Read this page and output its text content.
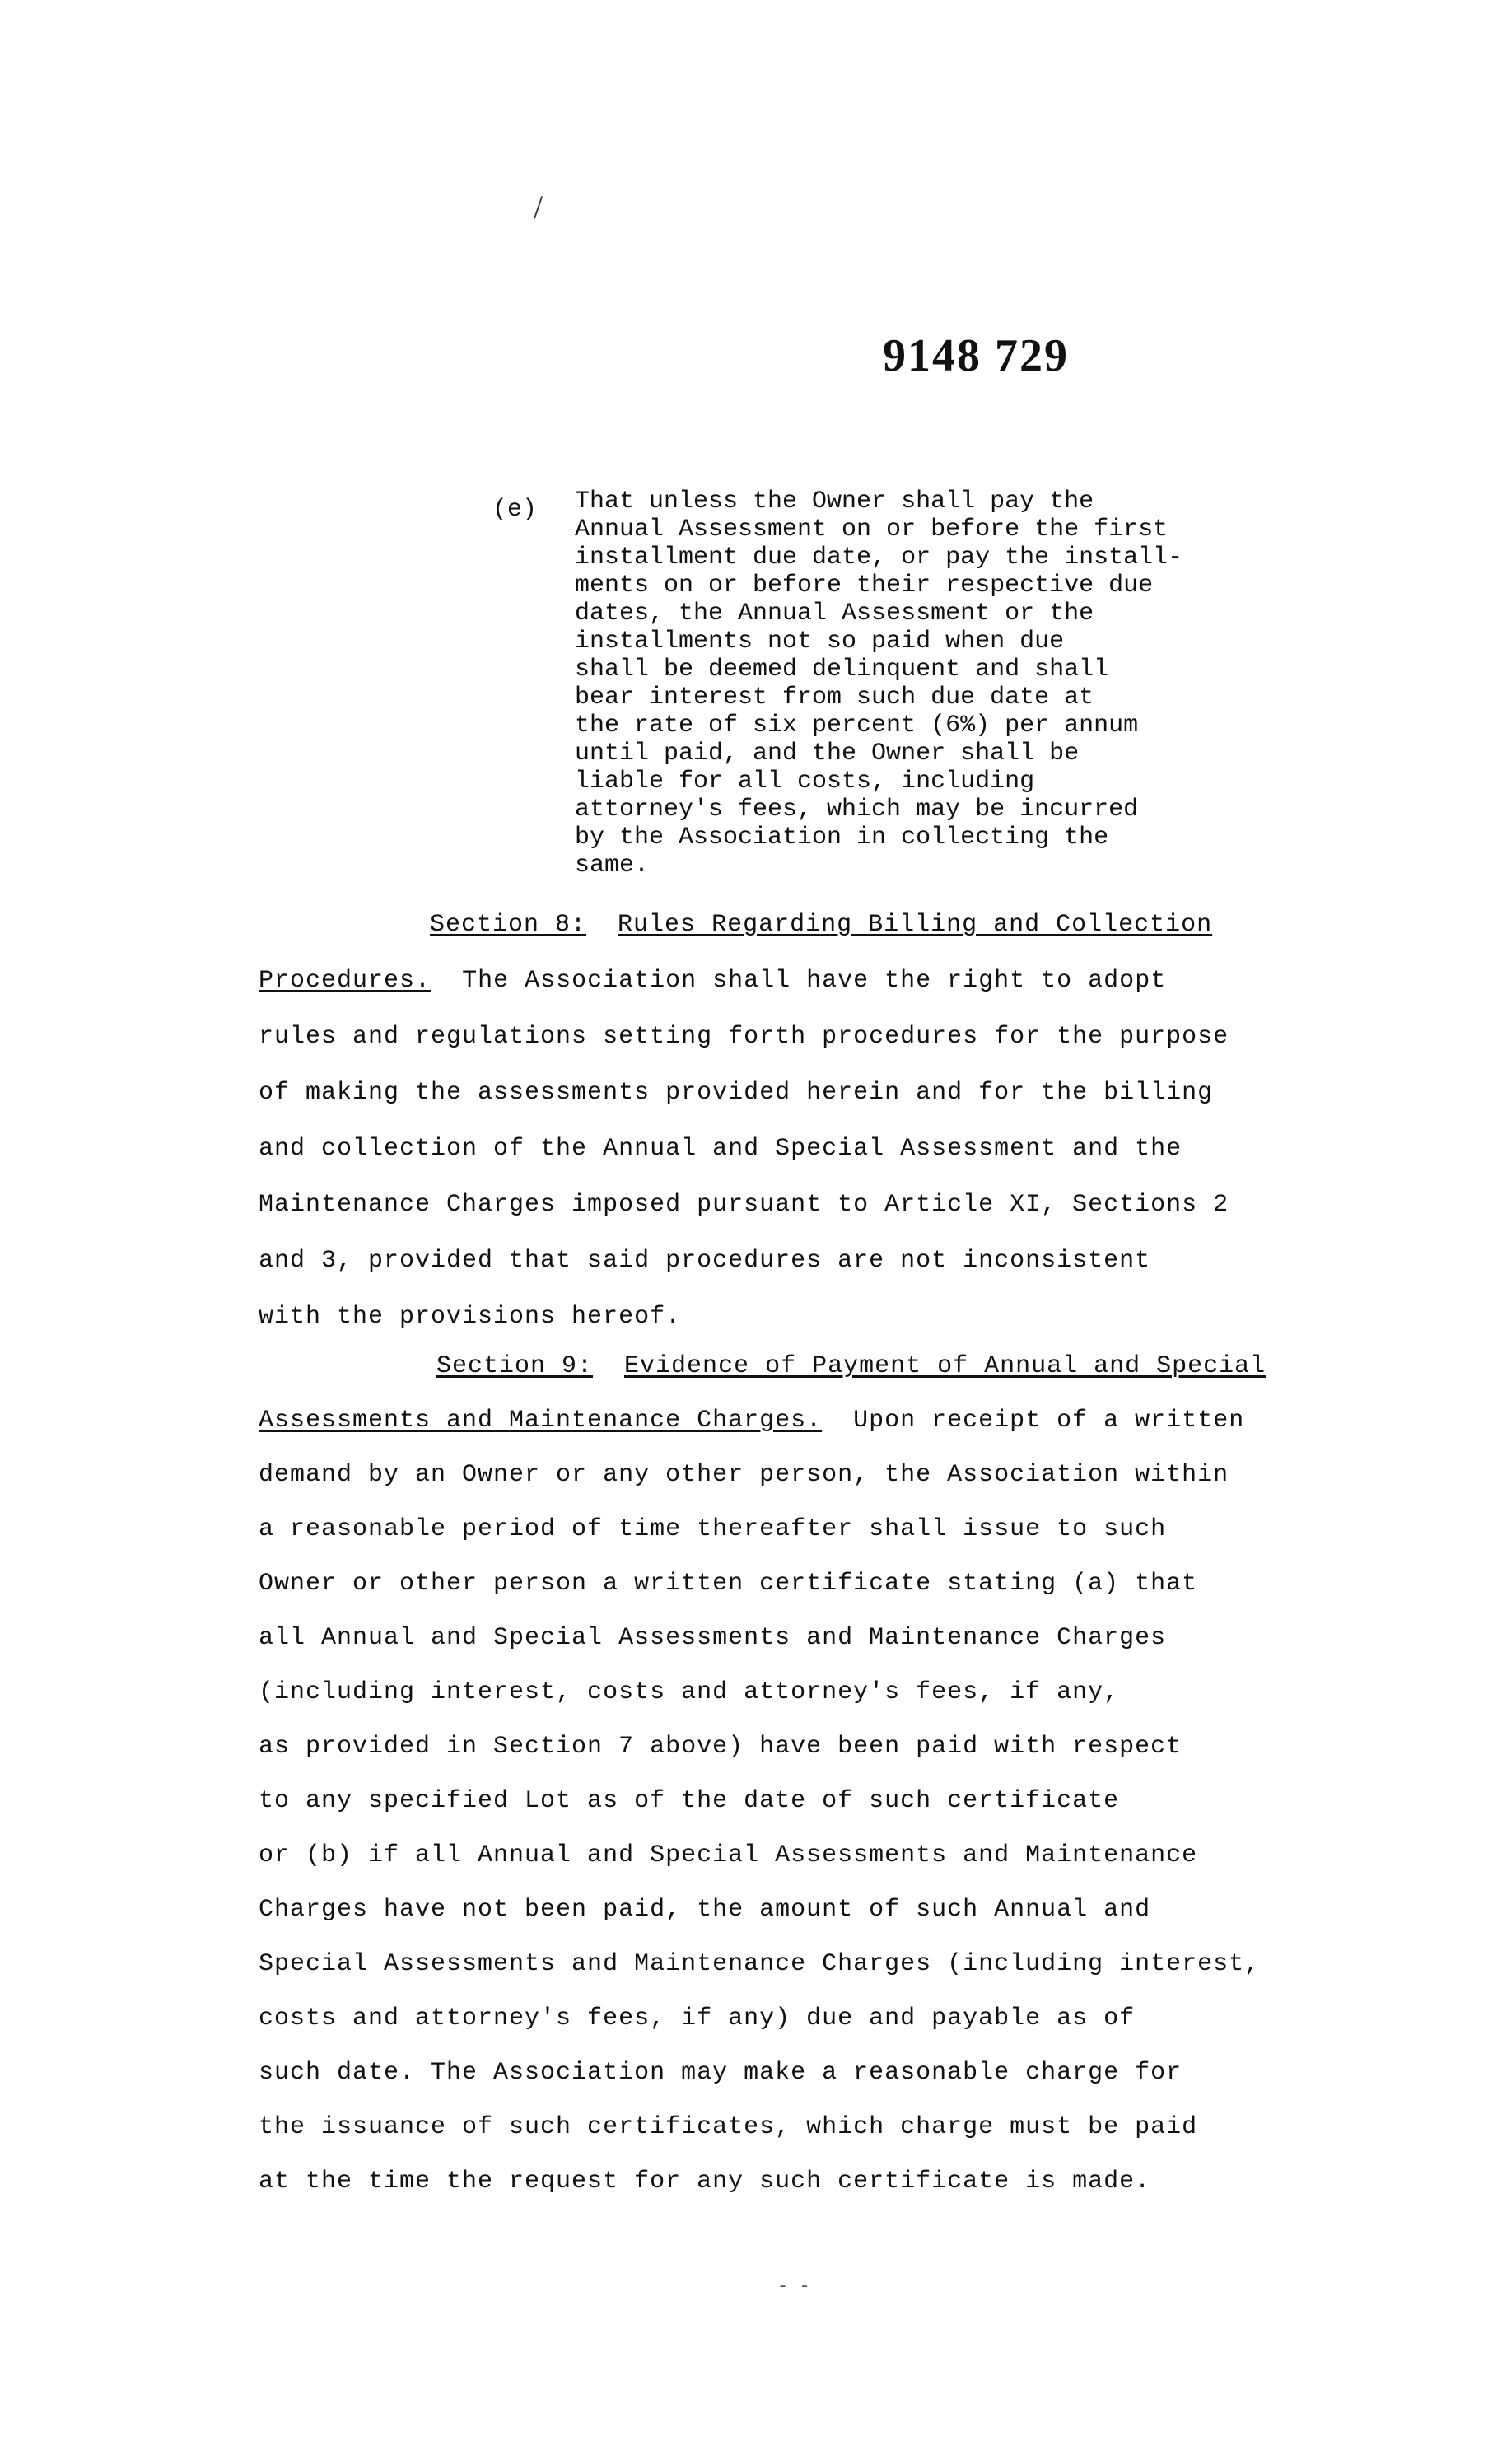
/
9148 729
(e) That unless the Owner shall pay the
Annual Assessment on or before the first
installment due date, or pay the install-
ments on or before their respective due
dates, the Annual Assessment or the
installments not so paid when due
shall be deemed delinquent and shall
bear interest from such due date at
the rate of six percent (6%) per annum
until paid, and the Owner shall be
liable for all costs, including
attorney's fees, which may be incurred
by the Association in collecting the
same.
Section 8: Rules Regarding Billing and Collection
Procedures. The Association shall have the right to adopt
rules and regulations setting forth procedures for the purpose
of making the assessments provided herein and for the billing
and collection of the Annual and Special Assessment and the
Maintenance Charges imposed pursuant to Article XI, Sections 2
and 3, provided that said procedures are not inconsistent
with the provisions hereof.
Section 9: Evidence of Payment of Annual and Special
Assessments and Maintenance Charges. Upon receipt of a written
demand by an Owner or any other person, the Association within
a reasonable period of time thereafter shall issue to such
Owner or other person a written certificate stating (a) that
all Annual and Special Assessments and Maintenance Charges
(including interest, costs and attorney's fees, if any,
as provided in Section 7 above) have been paid with respect
to any specified Lot as of the date of such certificate
or (b) if all Annual and Special Assessments and Maintenance
Charges have not been paid, the amount of such Annual and
Special Assessments and Maintenance Charges (including interest,
costs and attorney's fees, if any) due and payable as of
such date. The Association may make a reasonable charge for
the issuance of such certificates, which charge must be paid
at the time the request for any such certificate is made.
- -
